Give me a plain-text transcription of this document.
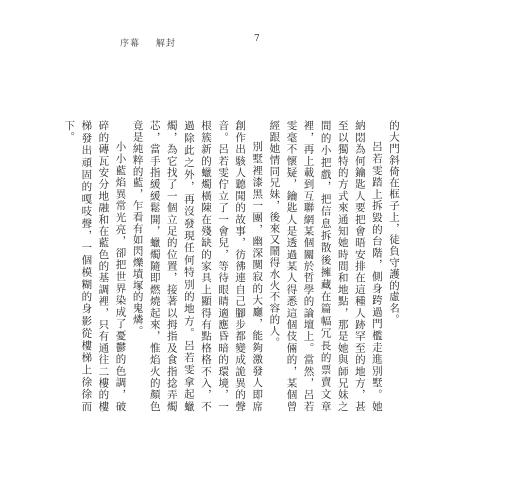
序幕 解封	7

的大門斜倚在框子上，徒負守護的虛名。

呂若雯踏上拆毀的台階，側身跨過門檻走進別墅。她納悶為何鑰匙人要把會晤安排在這種人跡罕至的地方，甚至以獨特的方式來通知她時間和地點，那是她與師兄妹之間的小把戲，把信息拆散後擁藏在篇幅冗長的票賣文章裡，再上載到互聯網某個關於哲學的論壇上。當然，呂若雯毫不懷疑，鑰匙人是透過某人得悉這個伎倆的，某個曾經跟她情同兄妹，後來又鬧得水火不容的人。

別墅裡漆黑一團，幽深闃寂的大廳，能夠激發人即席創作出駭人聽聞的故事，彷彿連自己腳步都變成詭異的聲音。呂若雯佇立了一會兒，等待眼睛適應昏暗的環境，一根簇新的蠟燭橫陳在殘缺的家具上顯得有點格格不入，不過除此之外，再沒發現任何特別的地方。呂若雯拿起蠟燭，為它找了一個立足的位置，接著以拇指及食指捻弄燭芯，當手指緩緩鬆開，蠟燭隨即燃燒起來，惟焰火的顏色竟是純粹的藍，乍看有如閃爍墳塚的鬼燐。

小小藍焰異常光亮，卻把世界染成了憂鬱的色調，破碎的磚瓦安分地融和在藍色的基調裡，只有通往二樓的樓梯發出頑固的嘎吱聲，一個模糊的身影從樓梯上徐徐而下。
